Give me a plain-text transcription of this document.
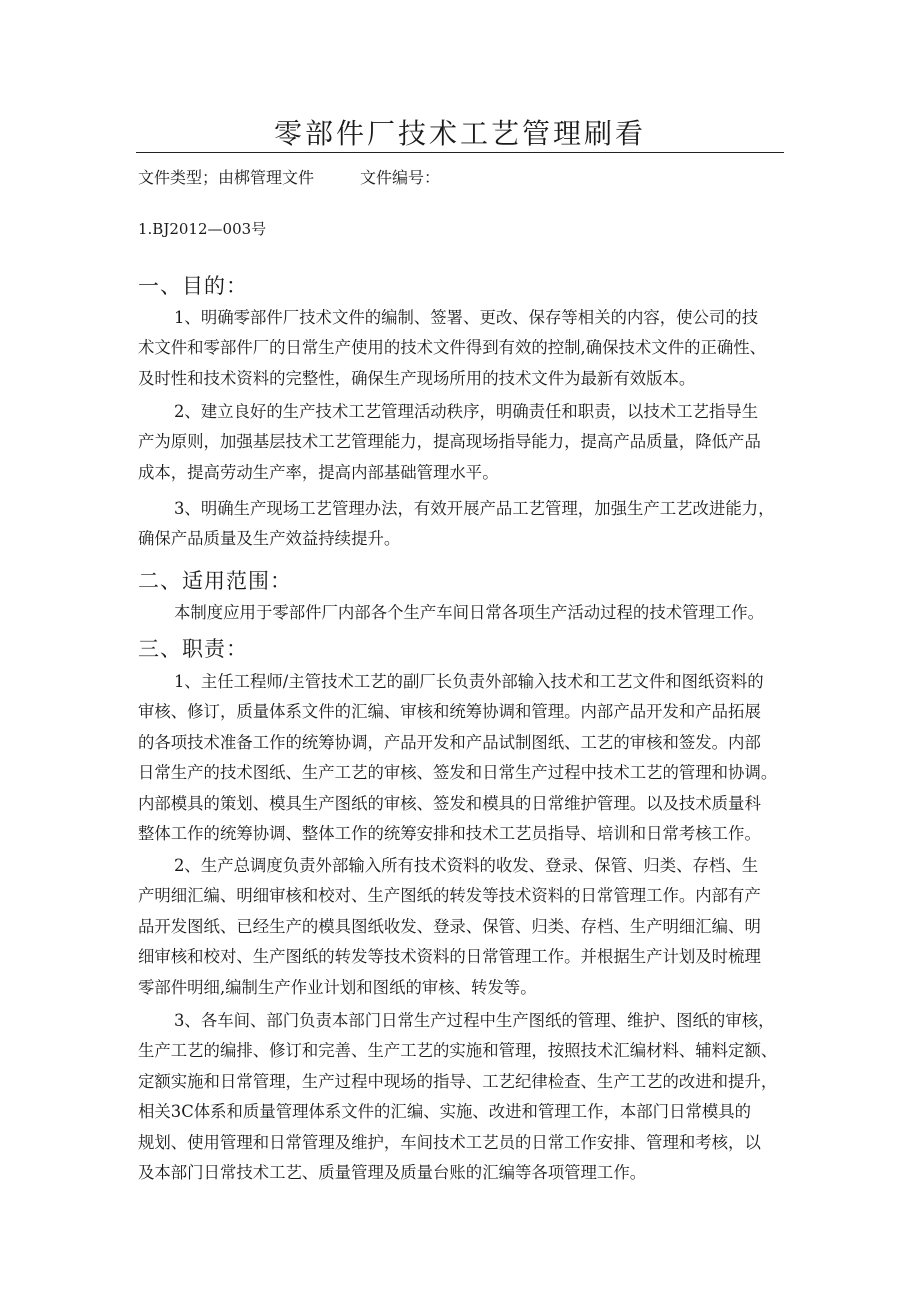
零部件厂技术工艺管理刷看
文件类型；由梆管理文件	文件编号：
1.BJ2012—003号
一、目的：
1、明确零部件厂技术文件的编制、签署、更改、保存等相关的内容，使公司的技
术文件和零部件厂的日常生产使用的技术文件得到有效的控制,确保技术文件的正确性、
及时性和技术资料的完整性，确保生产现场所用的技术文件为最新有效版本。
2、建立良好的生产技术工艺管理活动秩序，明确责任和职责，以技术工艺指导生
产为原则，加强基层技术工艺管理能力，提高现场指导能力，提高产品质量，降低产品
成本，提高劳动生产率，提高内部基础管理水平。
3、明确生产现场工艺管理办法，有效开展产品工艺管理，加强生产工艺改进能力，
确保产品质量及生产效益持续提升。
二、适用范围：
本制度应用于零部件厂内部各个生产车间日常各项生产活动过程的技术管理工作。
三、职责：
1、主任工程师/主管技术工艺的副厂长负责外部输入技术和工艺文件和图纸资料的
审核、修订，质量体系文件的汇编、审核和统筹协调和管理。内部产品开发和产品拓展
的各项技术准备工作的统筹协调，产品开发和产品试制图纸、工艺的审核和签发。内部
日常生产的技术图纸、生产工艺的审核、签发和日常生产过程中技术工艺的管理和协调。
内部模具的策划、模具生产图纸的审核、签发和模具的日常维护管理。以及技术质量科
整体工作的统筹协调、整体工作的统筹安排和技术工艺员指导、培训和日常考核工作。
2、生产总调度负责外部输入所有技术资料的收发、登录、保管、归类、存档、生
产明细汇编、明细审核和校对、生产图纸的转发等技术资料的日常管理工作。内部有产
品开发图纸、已经生产的模具图纸收发、登录、保管、归类、存档、生产明细汇编、明
细审核和校对、生产图纸的转发等技术资料的日常管理工作。并根据生产计划及时梳理
零部件明细,编制生产作业计划和图纸的审核、转发等。
3、各车间、部门负责本部门日常生产过程中生产图纸的管理、维护、图纸的审核，
生产工艺的编排、修订和完善、生产工艺的实施和管理，按照技术汇编材料、辅料定额、
定额实施和日常管理，生产过程中现场的指导、工艺纪律检查、生产工艺的改进和提升，
相关3C体系和质量管理体系文件的汇编、实施、改进和管理工作，本部门日常模具的
规划、使用管理和日常管理及维护，车间技术工艺员的日常工作安排、管理和考核，以
及本部门日常技术工艺、质量管理及质量台账的汇编等各项管理工作。
